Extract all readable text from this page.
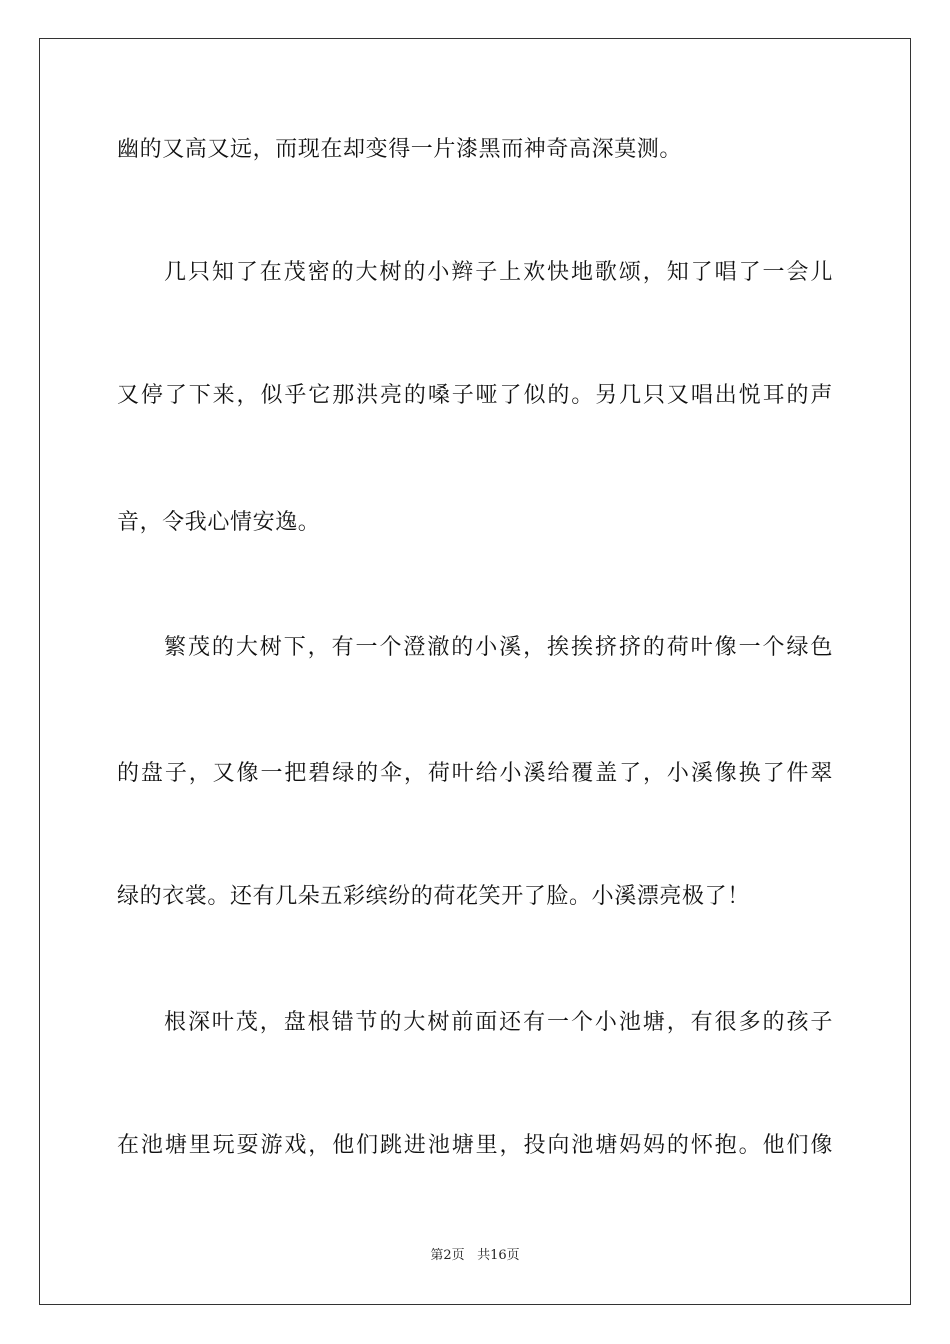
幽的又高又远，而现在却变得一片漆黑而神奇高深莫测。
几只知了在茂密的大树的小辫子上欢快地歌颂，知了唱了一会儿
又停了下来，似乎它那洪亮的嗓子哑了似的。另几只又唱出悦耳的声
音，令我心情安逸。
繁茂的大树下，有一个澄澈的小溪，挨挨挤挤的荷叶像一个绿色
的盘子，又像一把碧绿的伞，荷叶给小溪给覆盖了，小溪像换了件翠
绿的衣裳。还有几朵五彩缤纷的荷花笑开了脸。小溪漂亮极了！
根深叶茂，盘根错节的大树前面还有一个小池塘，有很多的孩子
在池塘里玩耍游戏，他们跳进池塘里，投向池塘妈妈的怀抱。他们像
第2页 共16页
